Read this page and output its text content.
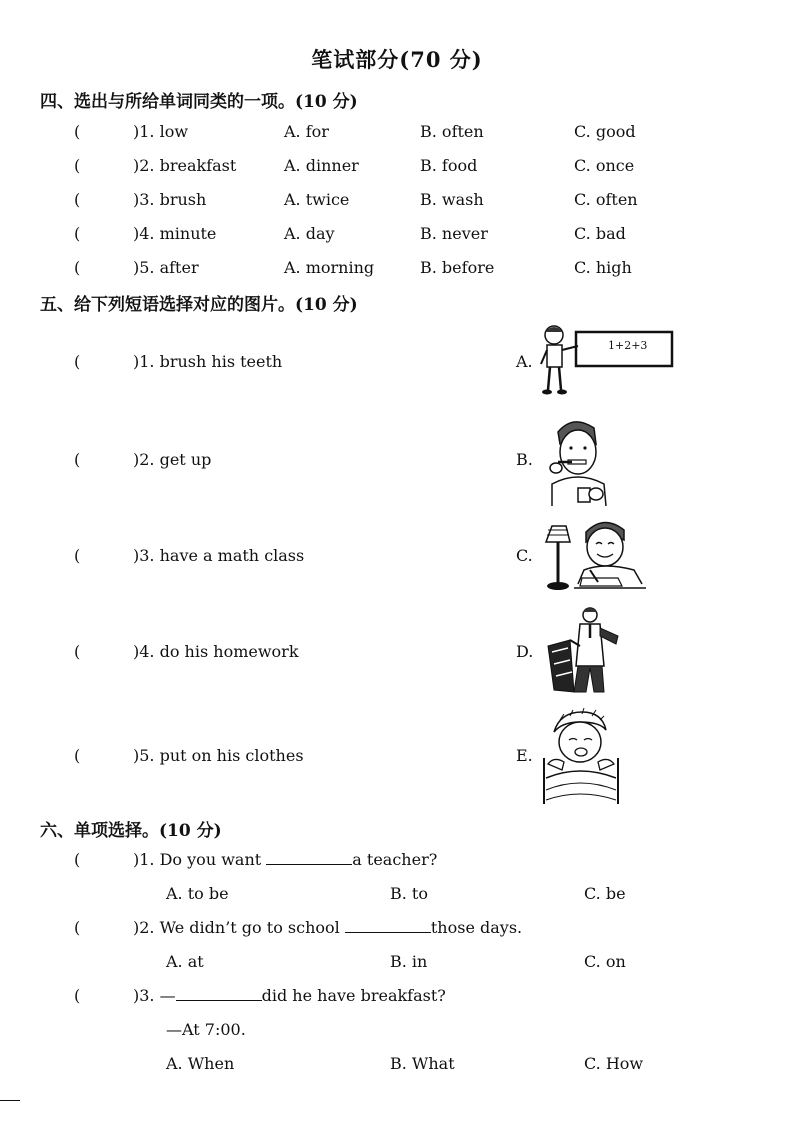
笔试部分(70 分)
四、选出与所给单词同类的一项。(10 分)
(	)1. low	A. for	B. often	C. good
(	)2. breakfast	A. dinner	B. food	C. once
(	)3. brush	A. twice	B. wash	C. often
(	)4. minute	A. day	B. never	C. bad
(	)5. after	A. morning	B. before	C. high
五、给下列短语选择对应的图片。(10 分)
(	)1. brush his teeth	A.
(	)2. get up	B.
(	)3. have a math class	C.
(	)4. do his homework	D.
(	)5. put on his clothes	E.
1+2+3
六、单项选择。(10 分)
(	)1. Do you want	a teacher?
A. to be	B. to	C. be
(	)2. We didn’t go to school	those days.
A. at	B. in	C. on
(	)3. —	did he have breakfast?
—At 7:00.
A. When	B. What	C. How
